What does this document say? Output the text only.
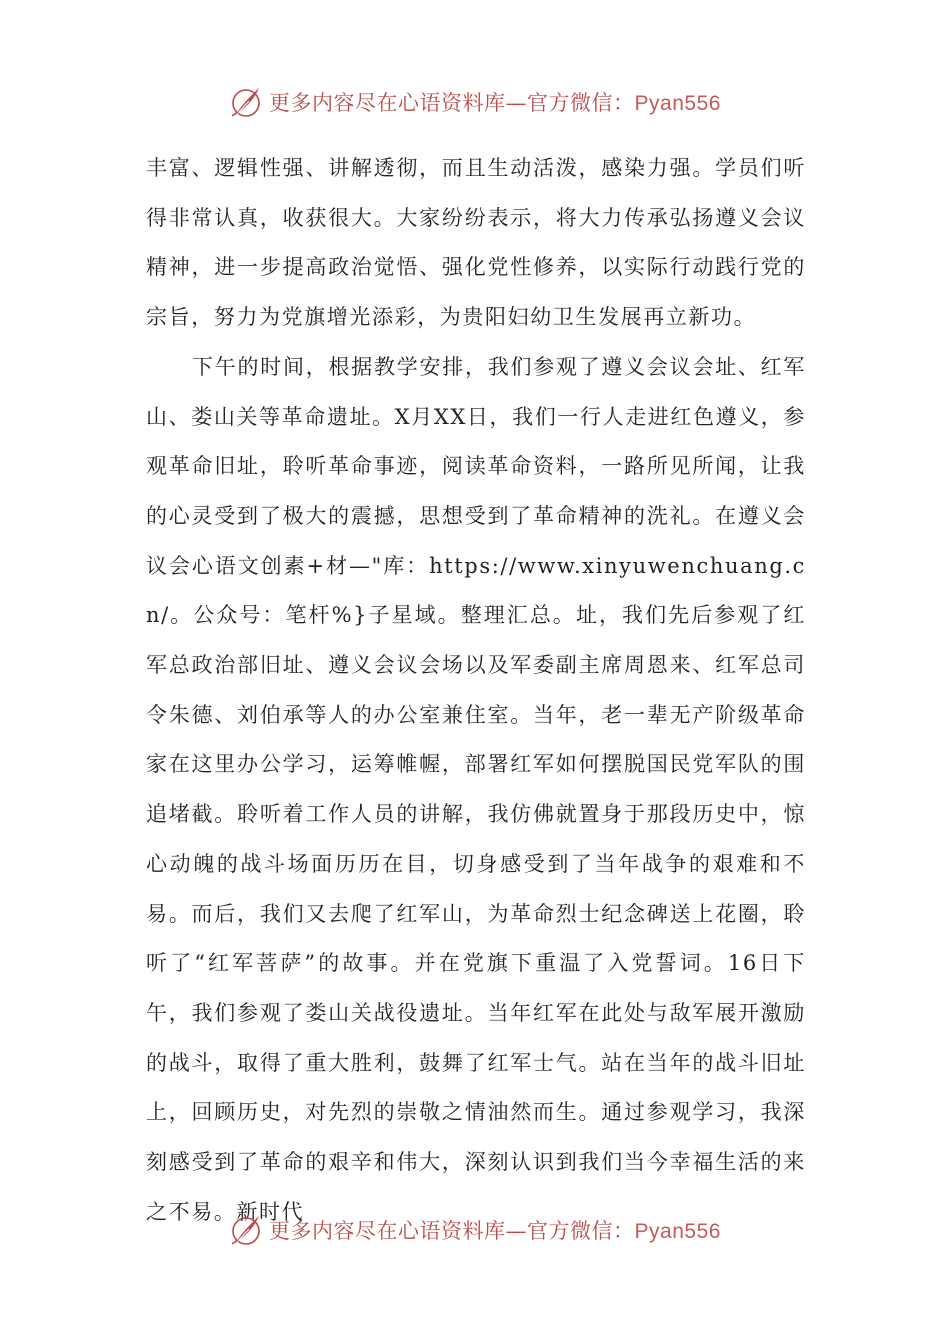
更多内容尽在心语资料库—官方微信：Pyan556

丰富、逻辑性强、讲解透彻，而且生动活泼，感染力强。学员们听得非常认真，收获很大。大家纷纷表示，将大力传承弘扬遵义会议精神，进一步提高政治觉悟、强化党性修养，以实际行动践行党的宗旨，努力为党旗增光添彩，为贵阳妇幼卫生发展再立新功。

下午的时间，根据教学安排，我们参观了遵义会议会址、红军山、娄山关等革命遗址。X月XX日，我们一行人走进红色遵义，参观革命旧址，聆听革命事迹，阅读革命资料，一路所见所闻，让我的心灵受到了极大的震撼，思想受到了革命精神的洗礼。在遵义会议会心语文创素+材—"库：https://www.xinyuwenchuang.cn/。公众号：笔杆%}子星域。整理汇总。址，我们先后参观了红军总政治部旧址、遵义会议会场以及军委副主席周恩来、红军总司令朱德、刘伯承等人的办公室兼住室。当年，老一辈无产阶级革命家在这里办公学习，运筹帷幄，部署红军如何摆脱国民党军队的围追堵截。聆听着工作人员的讲解，我仿佛就置身于那段历史中，惊心动魄的战斗场面历历在目，切身感受到了当年战争的艰难和不易。而后，我们又去爬了红军山，为革命烈士纪念碑送上花圈，聆听了“红军菩萨”的故事。并在党旗下重温了入党誓词。16日下午，我们参观了娄山关战役遗址。当年红军在此处与敌军展开激励的战斗，取得了重大胜利，鼓舞了红军士气。站在当年的战斗旧址上，回顾历史，对先烈的崇敬之情油然而生。通过参观学习，我深刻感受到了革命的艰辛和伟大，深刻认识到我们当今幸福生活的来之不易。新时代

更多内容尽在心语资料库—官方微信：Pyan556
